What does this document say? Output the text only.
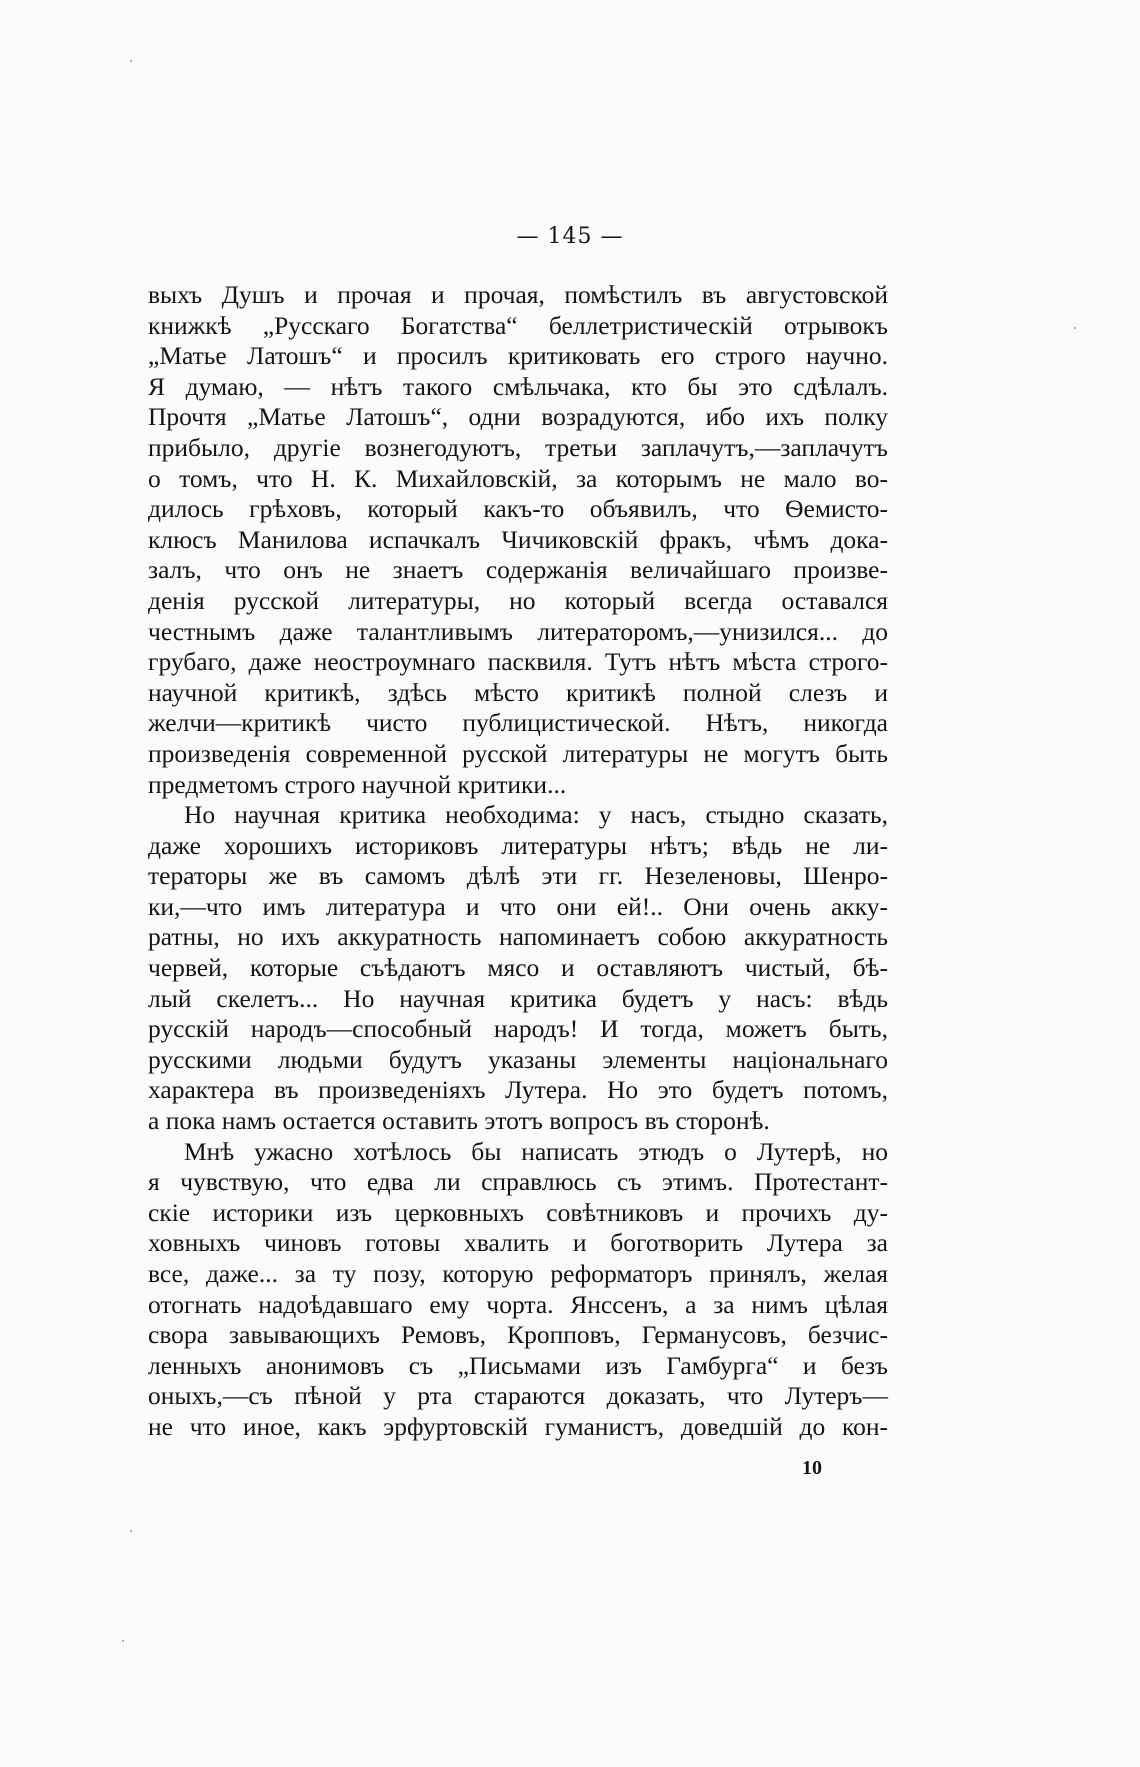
— 145 —
выхъ Душъ и прочая и прочая, помѣстилъ въ августовской
книжкѣ „Русскаго Богатства“ беллетристическій отрывокъ
„Матье Латошъ“ и просилъ критиковать его строго научно.
Я думаю, — нѣтъ такого смѣльчака, кто бы это сдѣлалъ.
Прочтя „Матье Латошъ“, одни возрадуются, ибо ихъ полку
прибыло, другіе вознегодуютъ, третьи заплачутъ,—заплачутъ
о томъ, что Н. К. Михайловскій, за которымъ не мало во-
дилось грѣховъ, который какъ-то объявилъ, что Ѳемисто-
клюсъ Манилова испачкалъ Чичиковскій фракъ, чѣмъ дока-
залъ, что онъ не знаетъ содержанія величайшаго произве-
денія русской литературы, но который всегда оставался
честнымъ даже талантливымъ литераторомъ,—унизился... до
грубаго, даже неостроумнаго пасквиля. Тутъ нѣтъ мѣста строго-
научной критикѣ, здѣсь мѣсто критикѣ полной слезъ и
желчи—критикѣ чисто публицистической. Нѣтъ, никогда
произведенія современной русской литературы не могутъ быть
предметомъ строго научной критики...
Но научная критика необходима: у насъ, стыдно сказать,
даже хорошихъ историковъ литературы нѣтъ; вѣдь не ли-
тераторы же въ самомъ дѣлѣ эти гг. Незеленовы, Шенро-
ки,—что имъ литература и что они ей!.. Они очень акку-
ратны, но ихъ аккуратность напоминаетъ собою аккуратность
червей, которые съѣдаютъ мясо и оставляютъ чистый, бѣ-
лый скелетъ... Но научная критика будетъ у насъ: вѣдь
русскій народъ—способный народъ! И тогда, можетъ быть,
русскими людьми будутъ указаны элементы національнаго
характера въ произведеніяхъ Лутера. Но это будетъ потомъ,
а пока намъ остается оставить этотъ вопросъ въ сторонѣ.
Мнѣ ужасно хотѣлось бы написать этюдъ о Лутерѣ, но
я чувствую, что едва ли справлюсь съ этимъ. Протестант-
скіе историки изъ церковныхъ совѣтниковъ и прочихъ ду-
ховныхъ чиновъ готовы хвалить и боготворить Лутера за
все, даже... за ту позу, которую реформаторъ принялъ, желая
отогнать надоѣдавшаго ему чорта. Янссенъ, а за нимъ цѣлая
свора завывающихъ Ремовъ, Кропповъ, Германусовъ, безчис-
ленныхъ анонимовъ съ „Письмами изъ Гамбурга“ и безъ
оныхъ,—съ пѣной у рта стараются доказать, что Лутеръ—
не что иное, какъ эрфуртовскій гуманистъ, доведшій до кон-
10
